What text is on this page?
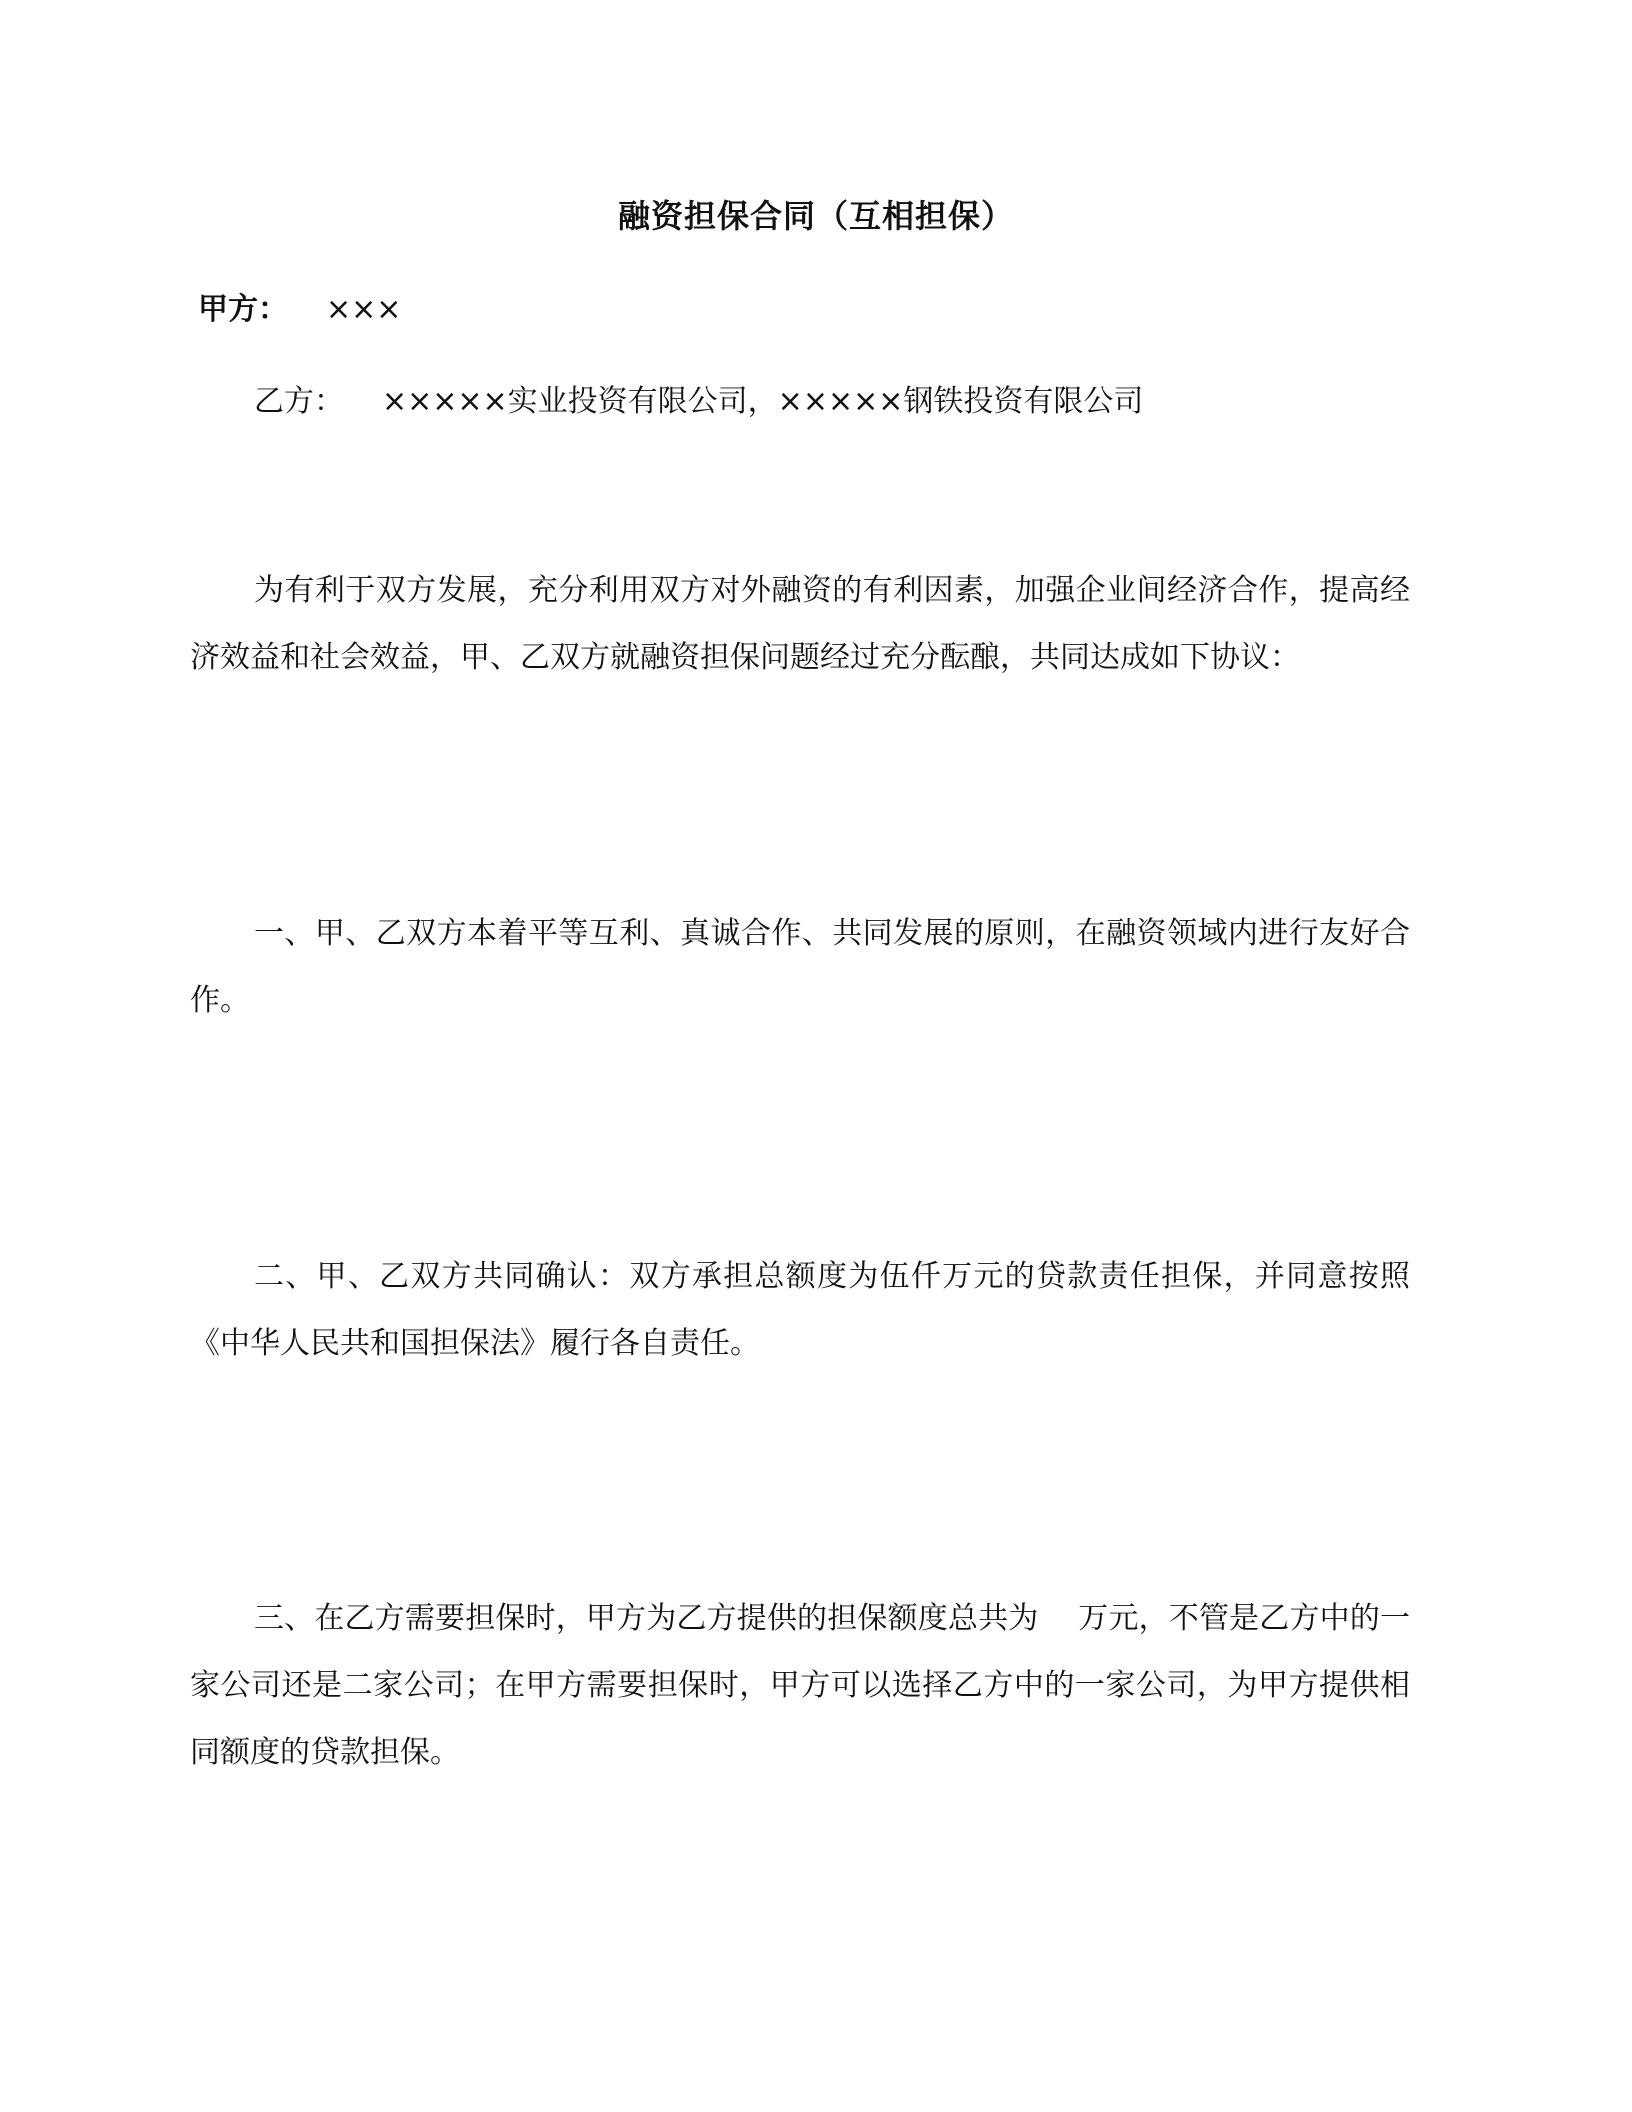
融资担保合同（互相担保）
甲方： ×××
乙方： ×××××实业投资有限公司，×××××钢铁投资有限公司

为有利于双方发展，充分利用双方对外融资的有利因素，加强企业间经济合作，提高经济效益和社会效益，甲、乙双方就融资担保问题经过充分酝酿，共同达成如下协议：

一、甲、乙双方本着平等互利、真诚合作、共同发展的原则，在融资领域内进行友好合作。

二、甲、乙双方共同确认：双方承担总额度为伍仟万元的贷款责任担保，并同意按照《中华人民共和国担保法》履行各自责任。

三、在乙方需要担保时，甲方为乙方提供的担保额度总共为　 万元，不管是乙方中的一家公司还是二家公司；在甲方需要担保时，甲方可以选择乙方中的一家公司，为甲方提供相同额度的贷款担保。
